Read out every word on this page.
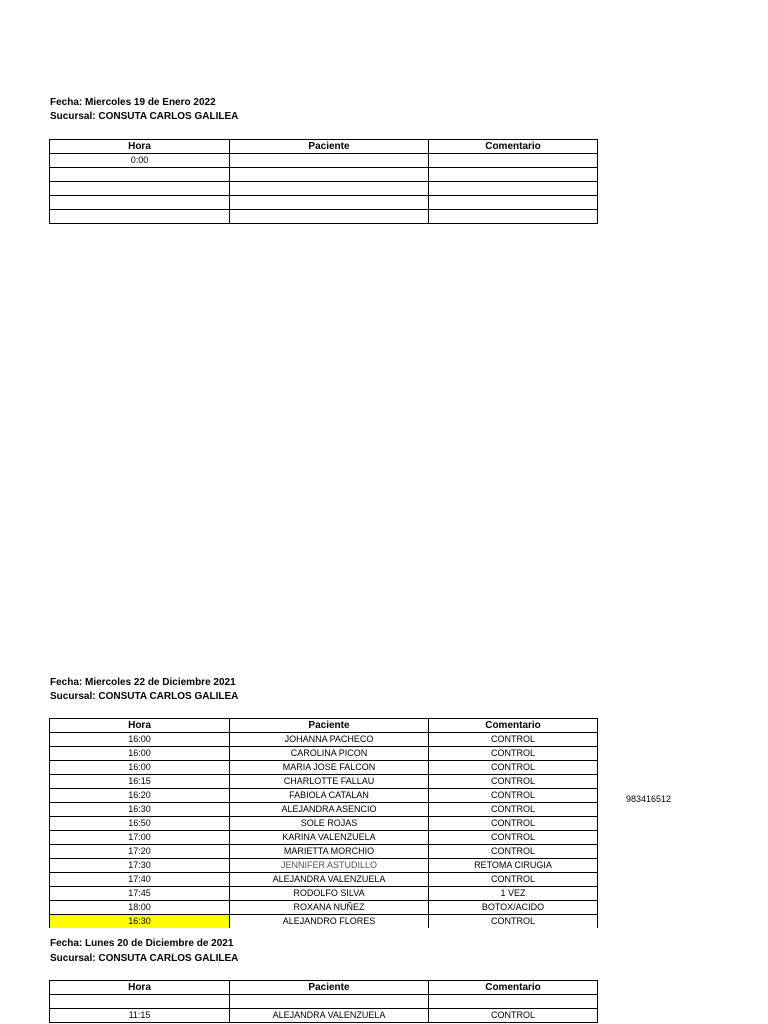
Fecha: Miercoles 19 de Enero 2022
Sucursal: CONSUTA CARLOS GALILEA
Hora	Paciente	Comentario
0:00		

Fecha: Miercoles 22 de Diciembre 2021
Sucursal: CONSUTA CARLOS GALILEA
Hora	Paciente	Comentario
16:00	JOHANNA PACHECO	CONTROL
16:00	CAROLINA PICON	CONTROL
16:00	MARIA JOSE FALCON	CONTROL
16:15	CHARLOTTE FALLAU	CONTROL
16:20	FABIOLA CATALAN	CONTROL
16:30	ALEJANDRA ASENCIO	CONTROL
16:50	SOLE ROJAS	CONTROL
17:00	KARINA VALENZUELA	CONTROL
17:20	MARIETTA MORCHIO	CONTROL
17:30	JENNIFER ASTUDILLO	RETOMA CIRUGIA
17:40	ALEJANDRA VALENZUELA	CONTROL
17:45	RODOLFO SILVA	1 VEZ
18:00	ROXANA NUÑEZ	BOTOX/ACIDO
16:30	ALEJANDRO FLORES	CONTROL
983416512
Fecha: Lunes 20 de Diciembre de 2021
Sucursal: CONSUTA CARLOS GALILEA
Hora	Paciente	Comentario

11:15	ALEJANDRA VALENZUELA	CONTROL
